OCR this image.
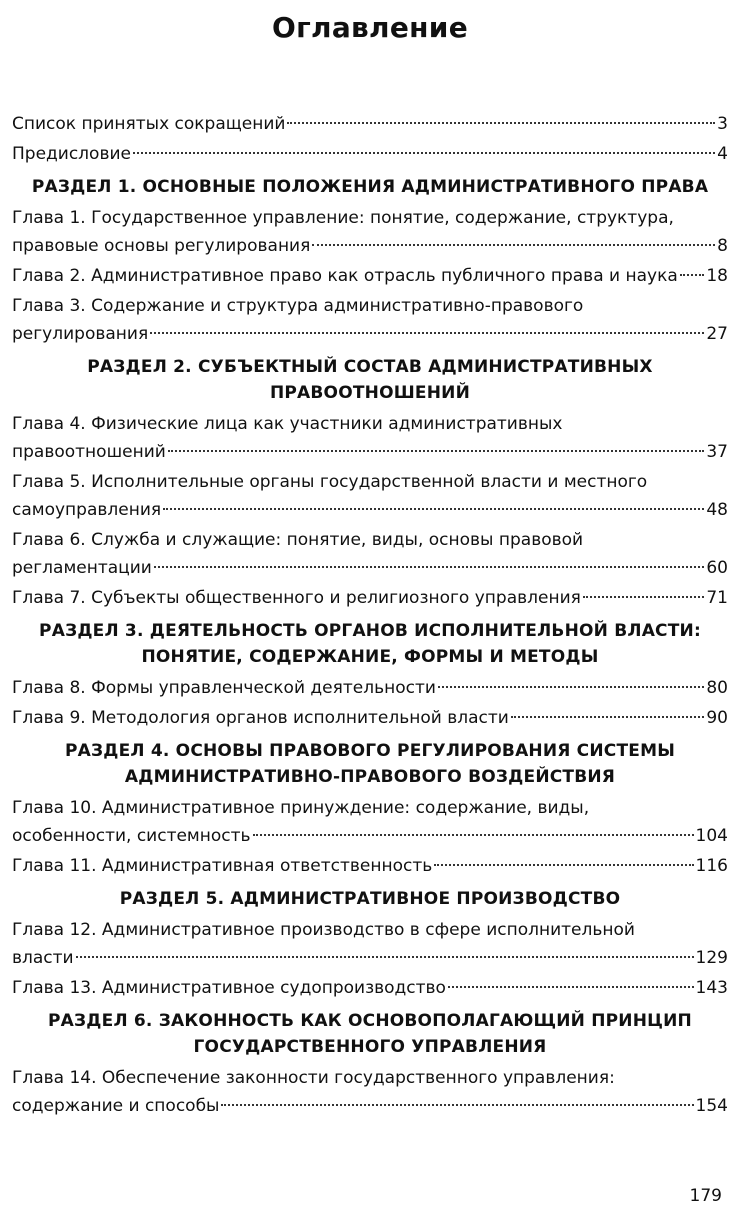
Оглавление
Список принятых сокращений	3
Предисловие	4
РАЗДЕЛ 1. ОСНОВНЫЕ ПОЛОЖЕНИЯ АДМИНИСТРАТИВНОГО ПРАВА
Глава 1. Государственное управление: понятие, содержание, структура,
правовые основы регулирования	8
Глава 2. Административное право как отрасль публичного права и наука 18
Глава 3. Содержание и структура административно-правового
регулирования	27
РАЗДЕЛ 2. СУБЪЕКТНЫЙ СОСТАВ АДМИНИСТРАТИВНЫХ
ПРАВООТНОШЕНИЙ
Глава 4. Физические лица как участники административных
правоотношений	37
Глава 5. Исполнительные органы государственной власти и местного
самоуправления	48
Глава 6. Служба и служащие: понятие, виды, основы правовой
регламентации	60
Глава 7. Субъекты общественного и религиозного управления	71
РАЗДЕЛ 3. ДЕЯТЕЛЬНОСТЬ ОРГАНОВ ИСПОЛНИТЕЛЬНОЙ ВЛАСТИ:
ПОНЯТИЕ, СОДЕРЖАНИЕ, ФОРМЫ И МЕТОДЫ
Глава 8. Формы управленческой деятельности	80
Глава 9. Методология органов исполнительной власти	90
РАЗДЕЛ 4. ОСНОВЫ ПРАВОВОГО РЕГУЛИРОВАНИЯ СИСТЕМЫ
АДМИНИСТРАТИВНО-ПРАВОВОГО ВОЗДЕЙСТВИЯ
Глава 10. Административное принуждение: содержание, виды,
особенности, системность	104
Глава 11. Административная ответственность	116
РАЗДЕЛ 5. АДМИНИСТРАТИВНОЕ ПРОИЗВОДСТВО
Глава 12. Административное производство в сфере исполнительной
власти	129
Глава 13. Административное судопроизводство	143
РАЗДЕЛ 6. ЗАКОННОСТЬ КАК ОСНОВОПОЛАГАЮЩИЙ ПРИНЦИП
ГОСУДАРСТВЕННОГО УПРАВЛЕНИЯ
Глава 14. Обеспечение законности государственного управления:
содержание и способы	154
179
